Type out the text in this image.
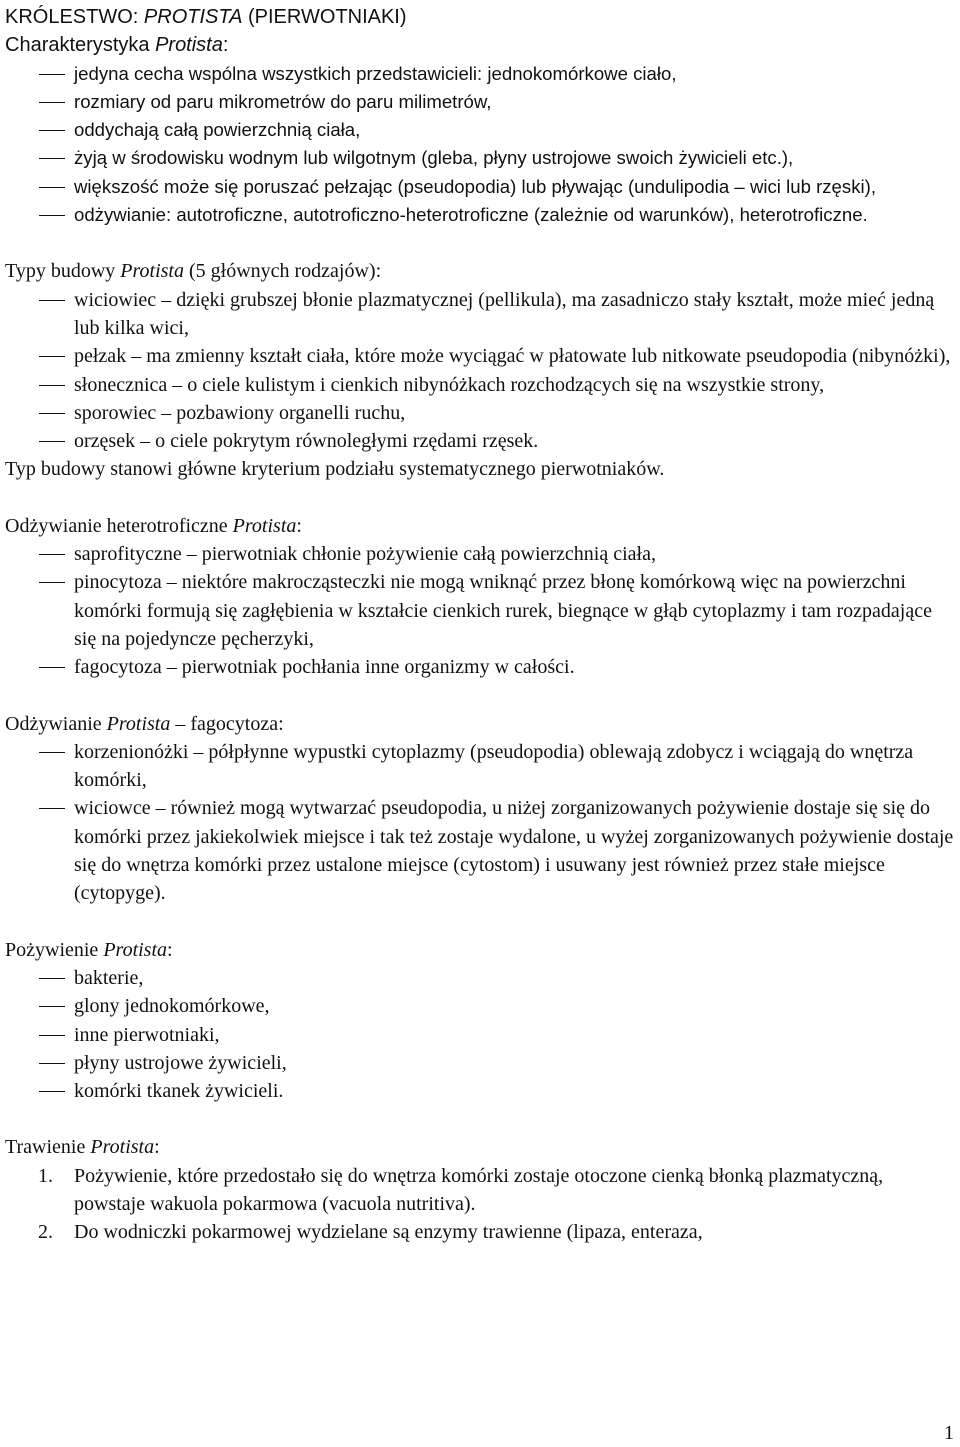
KRÓLESTWO: PROTISTA (PIERWOTNIAKI)
Charakterystyka Protista:
jedyna cecha wspólna wszystkich przedstawicieli: jednokomórkowe ciało,
rozmiary od paru mikrometrów do paru milimetrów,
oddychają całą powierzchnią ciała,
żyją w środowisku wodnym lub wilgotnym (gleba, płyny ustrojowe swoich żywicieli etc.),
większość może się poruszać pełzając (pseudopodia) lub pływając (undulipodia – wici lub rzęski),
odżywianie: autotroficzne, autotroficzno-heterotroficzne (zależnie od warunków), heterotroficzne.
Typy budowy Protista (5 głównych rodzajów):
wiciowiec – dzięki grubszej błonie plazmatycznej (pellikula), ma zasadniczo stały kształt, może mieć jedną lub kilka wici,
pełzak – ma zmienny kształt ciała, które może wyciągać w płatowate lub nitkowate pseudopodia (nibynóżki),
słonecznica – o ciele kulistym i cienkich nibynóżkach rozchodzących się na wszystkie strony,
sporowiec – pozbawiony organelli ruchu,
orzęsek – o ciele pokrytym równoległymi rzędami rzęsek.

Typ budowy stanowi główne kryterium podziału systematycznego pierwotniaków.

Odżywianie heterotroficzne Protista:
saprofityczne – pierwotniak chłonie pożywienie całą powierzchnią ciała,
pinocytoza – niektóre makrocząsteczki nie mogą wniknąć przez błonę komórkową więc na powierzchni komórki formują się zagłębienia w kształcie cienkich rurek, biegnące w głąb cytoplazmy i tam rozpadające się na pojedyncze pęcherzyki,
fagocytoza – pierwotniak pochłania inne organizmy w całości.
Odżywianie Protista – fagocytoza:
korzenionóżki – półpłynne wypustki cytoplazmy (pseudopodia) oblewają zdobycz i wciągają do wnętrza komórki,
wiciowce – również mogą wytwarzać pseudopodia, u niżej zorganizowanych pożywienie dostaje się się do komórki przez jakiekolwiek miejsce i tak też zostaje wydalone, u wyżej zorganizowanych pożywienie dostaje się do wnętrza komórki przez ustalone miejsce (cytostom) i usuwany jest również przez stałe miejsce (cytopyge).
Pożywienie Protista:
bakterie,
glony jednokomórkowe,
inne pierwotniaki,
płyny ustrojowe żywicieli,
komórki tkanek żywicieli.
Trawienie Protista:
1. Pożywienie, które przedostało się do wnętrza komórki zostaje otoczone cienką błonką plazmatyczną, powstaje wakuola pokarmowa (vacuola nutritiva).
2. Do wodniczki pokarmowej wydzielane są enzymy trawienne (lipaza, enteraza,
1
